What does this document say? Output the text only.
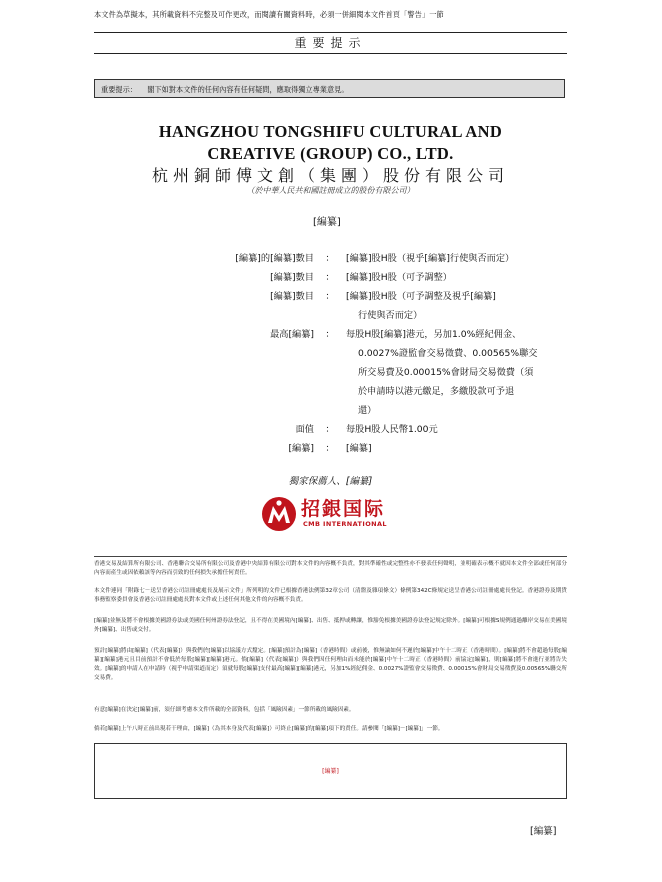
本文件為草擬本，其所載資料不完整及可作更改，而閱讀有關資料時，必須一併細閱本文件首頁「警告」一節
重要提示
重要提示： 閣下如對本文件的任何內容有任何疑問，應取得獨立專業意見。
HANGZHOU TONGSHIFU CULTURAL AND
CREATIVE (GROUP) CO., LTD.
杭州銅師傅文創（集團）股份有限公司
（於中華人民共和國註冊成立的股份有限公司）
[編纂]
[編纂]的[編纂]數目	：	[編纂]股H股（視乎[編纂]行使與否而定）
[編纂]數目	：	[編纂]股H股（可予調整）
[編纂]數目	：	[編纂]股H股（可予調整及視乎[編纂]
行使與否而定）
最高[編纂]	：	每股H股[編纂]港元，另加1.0%經紀佣金、
0.0027%證監會交易徵費、0.00565%聯交
所交易費及0.00015%會財局交易徵費（須
於申請時以港元繳足，多繳股款可予退
還）
面值	：	每股H股人民幣1.00元
[編纂]	：	[編纂]
獨家保薦人、[編纂]
招銀国际
CMB INTERNATIONAL
香港交易及結算所有限公司、香港聯合交易所有限公司及香港中央結算有限公司對本文件的內容概不負責，對其準確性或完整性亦不發表任何聲明，並明確表示概不就因本文件全部或任何部分內容而產生或因依賴該等內容而引致的任何損失承擔任何責任。
本文件連同「附錄七－送呈香港公司註冊處處長及展示文件」所列明的文件已根據香港法例第32章公司（清盤及雜項條文）條例第342C條規定送呈香港公司註冊處處長登記。香港證券及期貨事務監察委員會及香港公司註冊處處長對本文件或上述任何其他文件的內容概不負責。
[編纂]並無及將不會根據美國證券法或美國任何州證券法登記，且不得在美國境內[編纂]、出售、抵押或轉讓，惟豁免根據美國證券法登記規定除外。[編纂]可根據S規例通過離岸交易在美國境外[編纂]、出售或交付。
預計[編纂]將由[編纂]（代表[編纂]）與我們於[編纂]以協議方式釐定。[編纂]預計為[編纂]（香港時間）或前後，惟無論如何不遲於[編纂]中午十二時正（香港時間）。[編纂]將不會超過每股[編纂][編纂]港元且目前預計不會低於每股[編纂][編纂]港元。倘[編纂]（代表[編纂]）與我們因任何理由而未能於[編纂]中午十二時正（香港時間）前協定[編纂]，則[編纂]將不會進行並將告失效。[編纂]的申請人在申請時（視乎申請渠道而定）須就每股[編纂]支付最高[編纂][編纂]港元，另加1%經紀佣金、0.0027%證監會交易徵費、0.00015%會財局交易徵費及0.00565%聯交所交易費。
有意[編纂]在決定[編纂]前，須仔細考慮本文件所載的全部資料，包括「風險因素」一節所載的風險因素。
倘若[編纂]上午八時正前出現若干理由，[編纂]（為其本身及代表[編纂]）可終止[編纂]的[編纂]項下的責任。請參閱「[編纂]－[編纂]」一節。
[編纂]
[編纂]
